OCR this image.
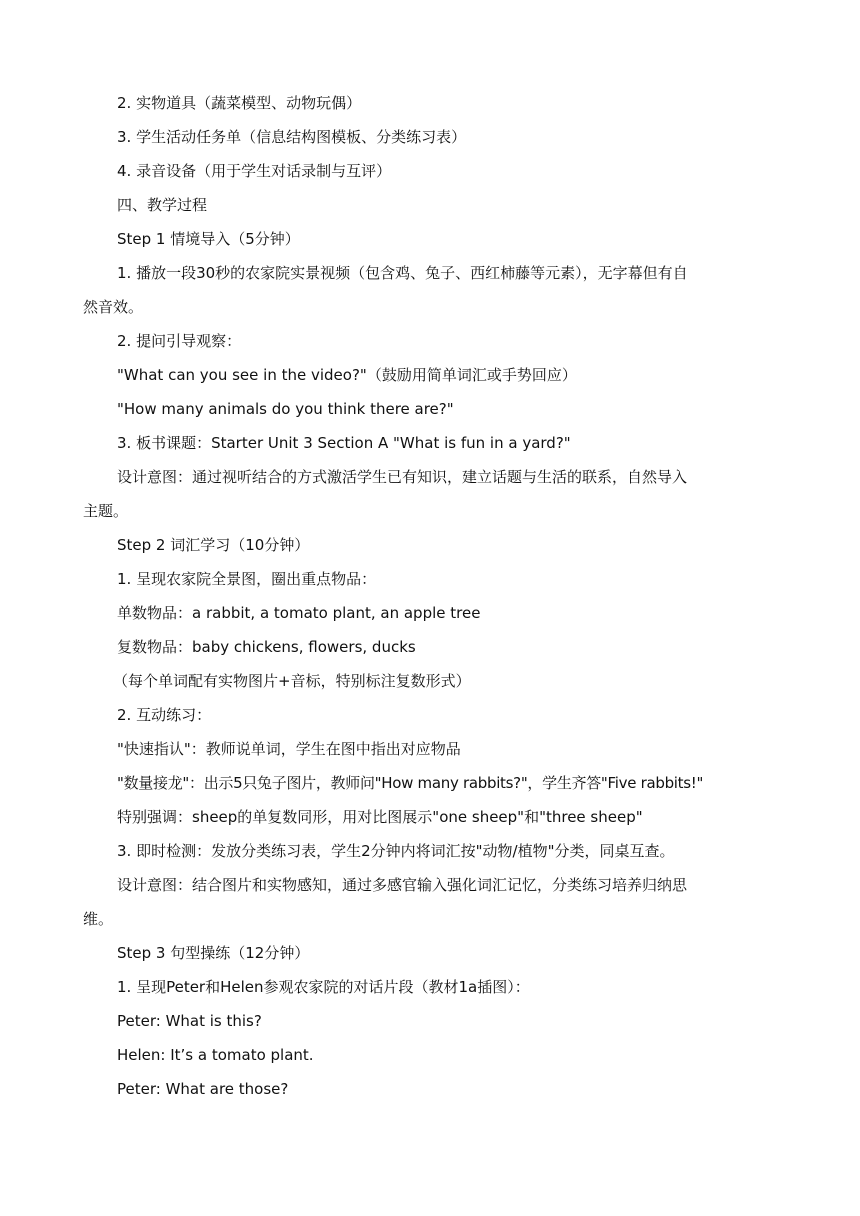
2. 实物道具（蔬菜模型、动物玩偶）

3. 学生活动任务单（信息结构图模板、分类练习表）

4. 录音设备（用于学生对话录制与互评）

四、教学过程

Step 1 情境导入（5分钟）

1. 播放一段30秒的农家院实景视频（包含鸡、兔子、西红柿藤等元素），无字幕但有自

然音效。

2. 提问引导观察：

"What can you see in the video?"（鼓励用简单词汇或手势回应）

"How many animals do you think there are?"

3. 板书课题：Starter Unit 3 Section A "What is fun in a yard?"

设计意图：通过视听结合的方式激活学生已有知识，建立话题与生活的联系，自然导入

主题。

Step 2 词汇学习（10分钟）

1. 呈现农家院全景图，圈出重点物品：

单数物品：a rabbit, a tomato plant, an apple tree

复数物品：baby chickens, flowers, ducks

（每个单词配有实物图片+音标，特别标注复数形式）

2. 互动练习：

"快速指认"：教师说单词，学生在图中指出对应物品

"数量接龙"：出示5只兔子图片，教师问"How many rabbits?"，学生齐答"Five rabbits!"

特别强调：sheep的单复数同形，用对比图展示"one sheep"和"three sheep"

3. 即时检测：发放分类练习表，学生2分钟内将词汇按"动物/植物"分类，同桌互查。

设计意图：结合图片和实物感知，通过多感官输入强化词汇记忆，分类练习培养归纳思

维。

Step 3 句型操练（12分钟）

1. 呈现Peter和Helen参观农家院的对话片段（教材1a插图）：

Peter: What is this?

Helen: It’s a tomato plant.

Peter: What are those?
